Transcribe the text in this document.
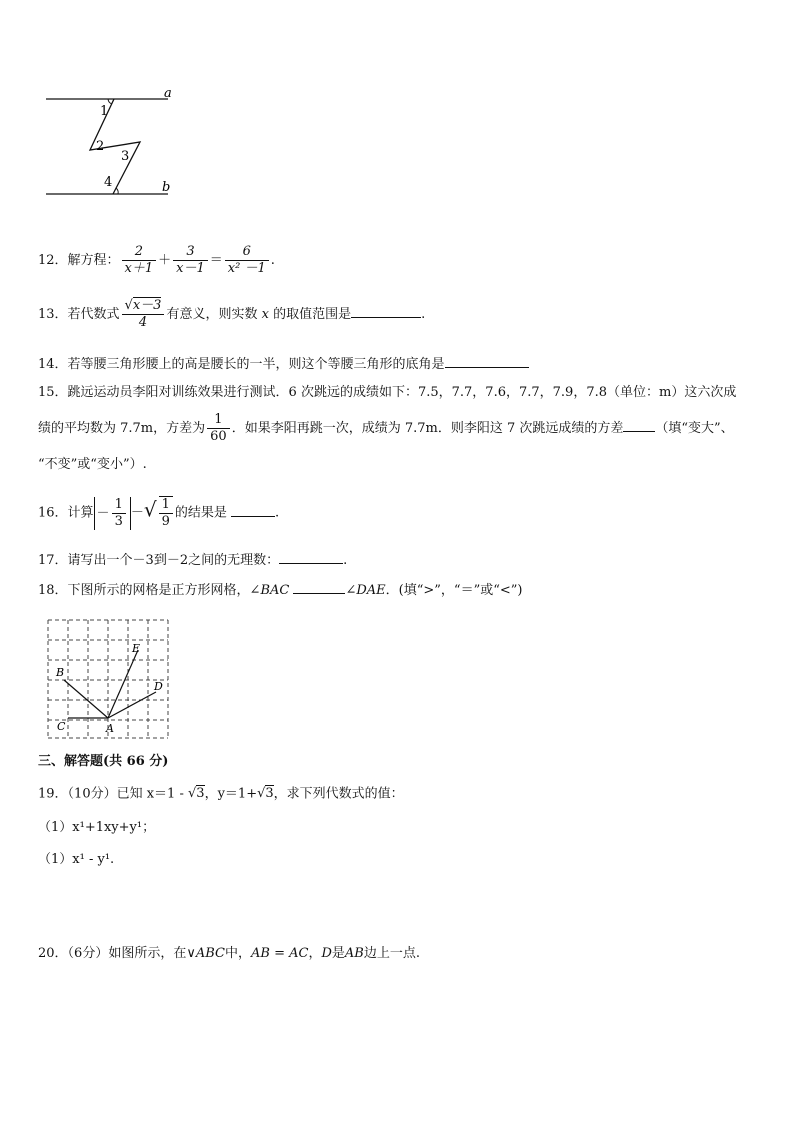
a
b
1
2
3
4
12．解方程： $\frac{2}{x+1} + \frac{3}{x-1} = \frac{6}{\text{x² －1}}$ .
13．若代数式 $\frac{√x-3}{4}$ 有意义，则实数 x 的取值范围是	.
14．若等腰三角形腰上的高是腰长的一半，则这个等腰三角形的底角是
15．跳远运动员李阳对训练效果进行测试．6 次跳远的成绩如下：7.5，7.7，7.6，7.7，7.9，7.8（单位：m）这六次成
绩的平均数为 7.7m，方差为 $\frac{1}{60}$ ．如果李阳再跳一次，成绩为 7.7m．则李阳这 7 次跳远成绩的方差 （填“变大”、
“不变”或“变小”）.
16．计算 － $\frac{1}{3}$ －√ $\frac{1}{9}$ 的结果是	.
17．请写出一个－3到－2之间的无理数：	.
18．下图所示的网格是正方形网格，∠BAC	∠DAE．(填“>”，“＝”或“<”)
B
C	A
D
E
三、解答题(共 66 分)
19．（10分）已知 x＝1 - √3，y＝1+√3，求下列代数式的值：
（1）x¹+1xy+y¹；
（1）x¹ - y¹.
20．（6分）如图所示，在∨ABC中，AB = AC，D是AB边上一点.
